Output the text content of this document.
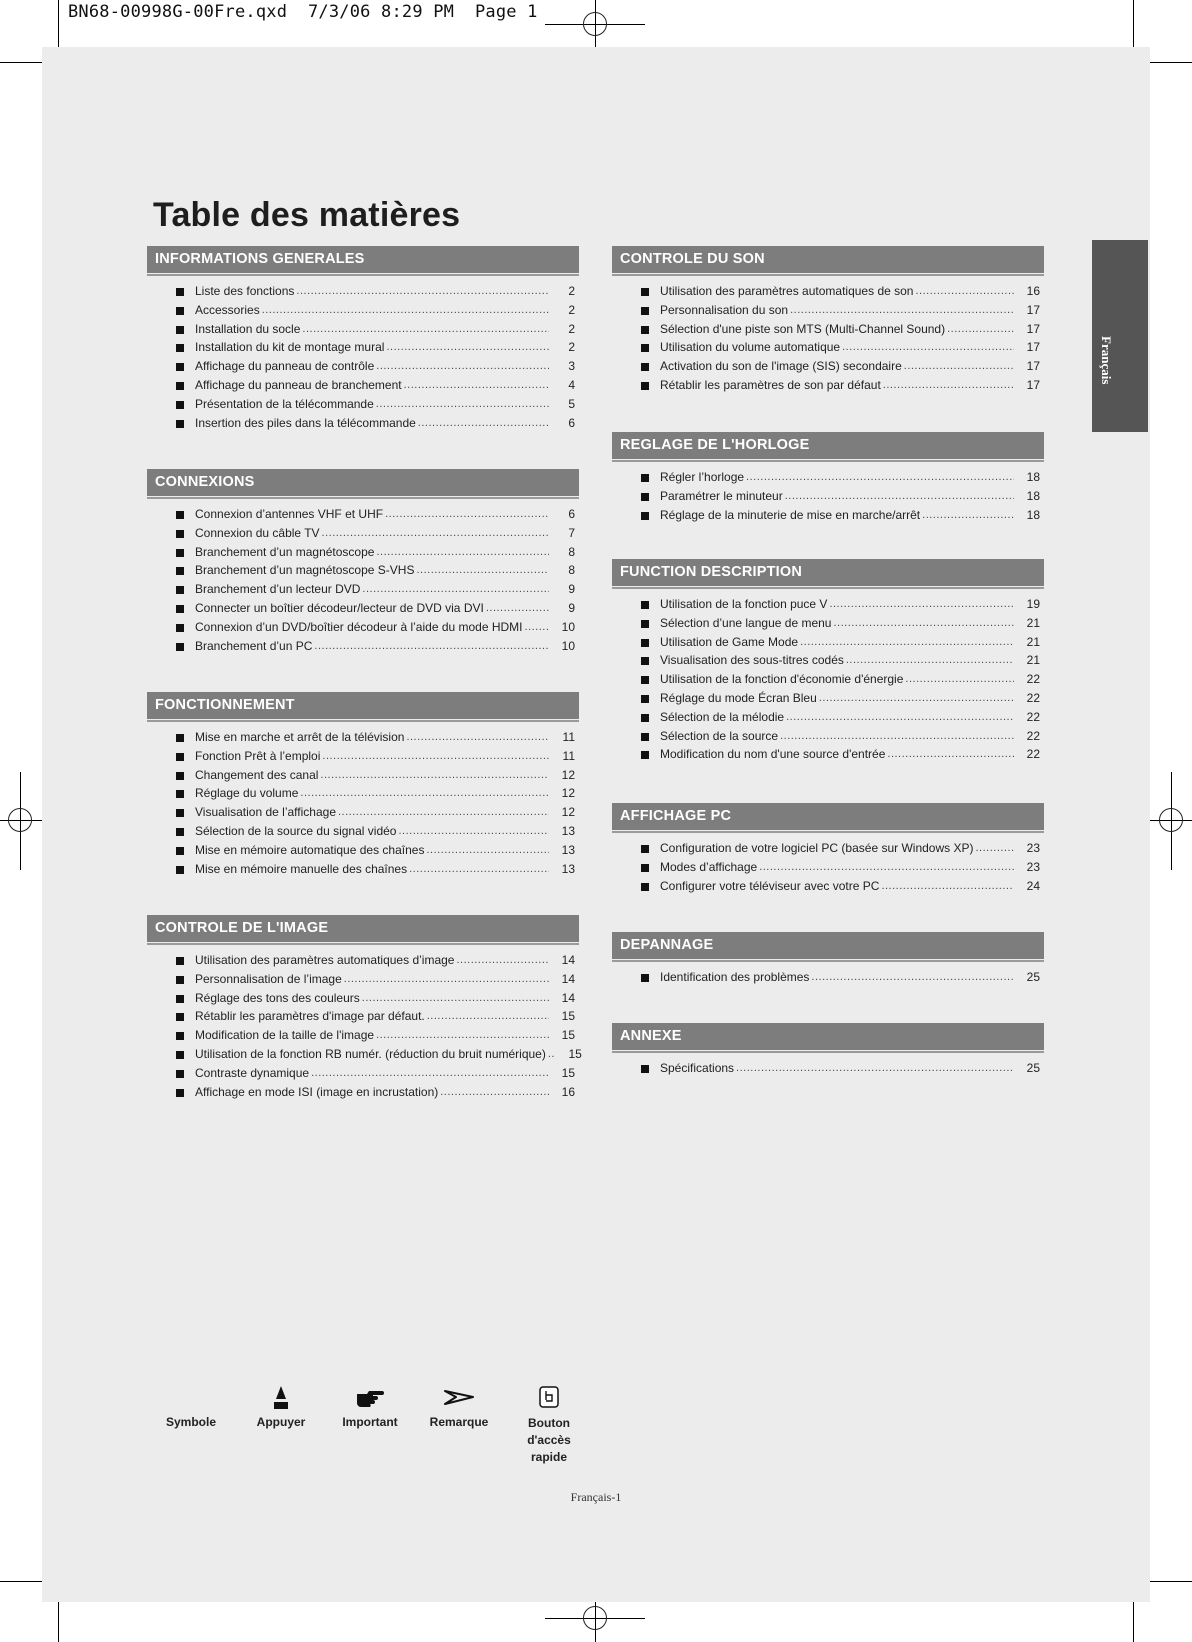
BN68-00998G-00Fre.qxd  7/3/06 8:29 PM  Page 1
Table des matières
Français
INFORMATIONS GENERALES
Liste des fonctions .....	2
Accessories .....	2
Installation du socle .....	2
Installation du kit de montage mural .....	2
Affichage du panneau de contrôle .....	3
Affichage du panneau de branchement .....	4
Présentation de la télécommande .....	5
Insertion des piles dans la télécommande .....	6
CONNEXIONS
Connexion d’antennes VHF et UHF .....	6
Connexion du câble TV .....	7
Branchement d’un magnétoscope .....	8
Branchement d’un magnétoscope S-VHS .....	8
Branchement d’un lecteur DVD .....	9
Connecter un boîtier décodeur/lecteur de DVD via DVI .....	9
Connexion d’un DVD/boîtier décodeur à l’aide du mode HDMI .....	10
Branchement d’un PC .....	10
FONCTIONNEMENT
Mise en marche et arrêt de la télévision .....	11
Fonction Prêt à l’emploi .....	11
Changement des canal .....	12
Réglage du volume .....	12
Visualisation de l’affichage .....	12
Sélection de la source du signal vidéo .....	13
Mise en mémoire automatique des chaînes .....	13
Mise en mémoire manuelle des chaînes .....	13
CONTROLE DE L'IMAGE
Utilisation des paramètres automatiques d’image .....	14
Personnalisation de l’image .....	14
Réglage des tons des couleurs .....	14
Rétablir les paramètres d'image par défaut. .....	15
Modification de la taille de l'image .....	15
Utilisation de la fonction RB numér. (réduction du bruit numérique) .....	15
Contraste dynamique .....	15
Affichage en mode ISI (image en incrustation) .....	16
CONTROLE DU SON
Utilisation des paramètres automatiques de son .....	16
Personnalisation du son .....	17
Sélection d'une piste son MTS (Multi-Channel Sound) .....	17
Utilisation du volume automatique .....	17
Activation du son de l'image (SIS) secondaire .....	17
Rétablir les paramètres de son par défaut .....	17
REGLAGE DE L'HORLOGE
Régler l’horloge .....	18
Paramétrer le minuteur .....	18
Réglage de la minuterie de mise en marche/arrêt .....	18
FUNCTION DESCRIPTION
Utilisation de la fonction puce V .....	19
Sélection d’une langue de menu .....	21
Utilisation de Game Mode .....	21
Visualisation des sous-titres codés .....	21
Utilisation de la fonction d'économie d'énergie .....	22
Réglage du mode Écran Bleu .....	22
Sélection de la mélodie .....	22
Sélection de la source .....	22
Modification du nom d'une source d'entrée .....	22
AFFICHAGE PC
Configuration de votre logiciel PC (basée sur Windows XP) .....	23
Modes d’affichage .....	23
Configurer votre téléviseur avec votre PC .....	24
DEPANNAGE
Identification des problèmes .....	25
ANNEXE
Spécifications .....	25
Symbole	Appuyer	Important	Remarque	Bouton d'accès rapide
Français-1
